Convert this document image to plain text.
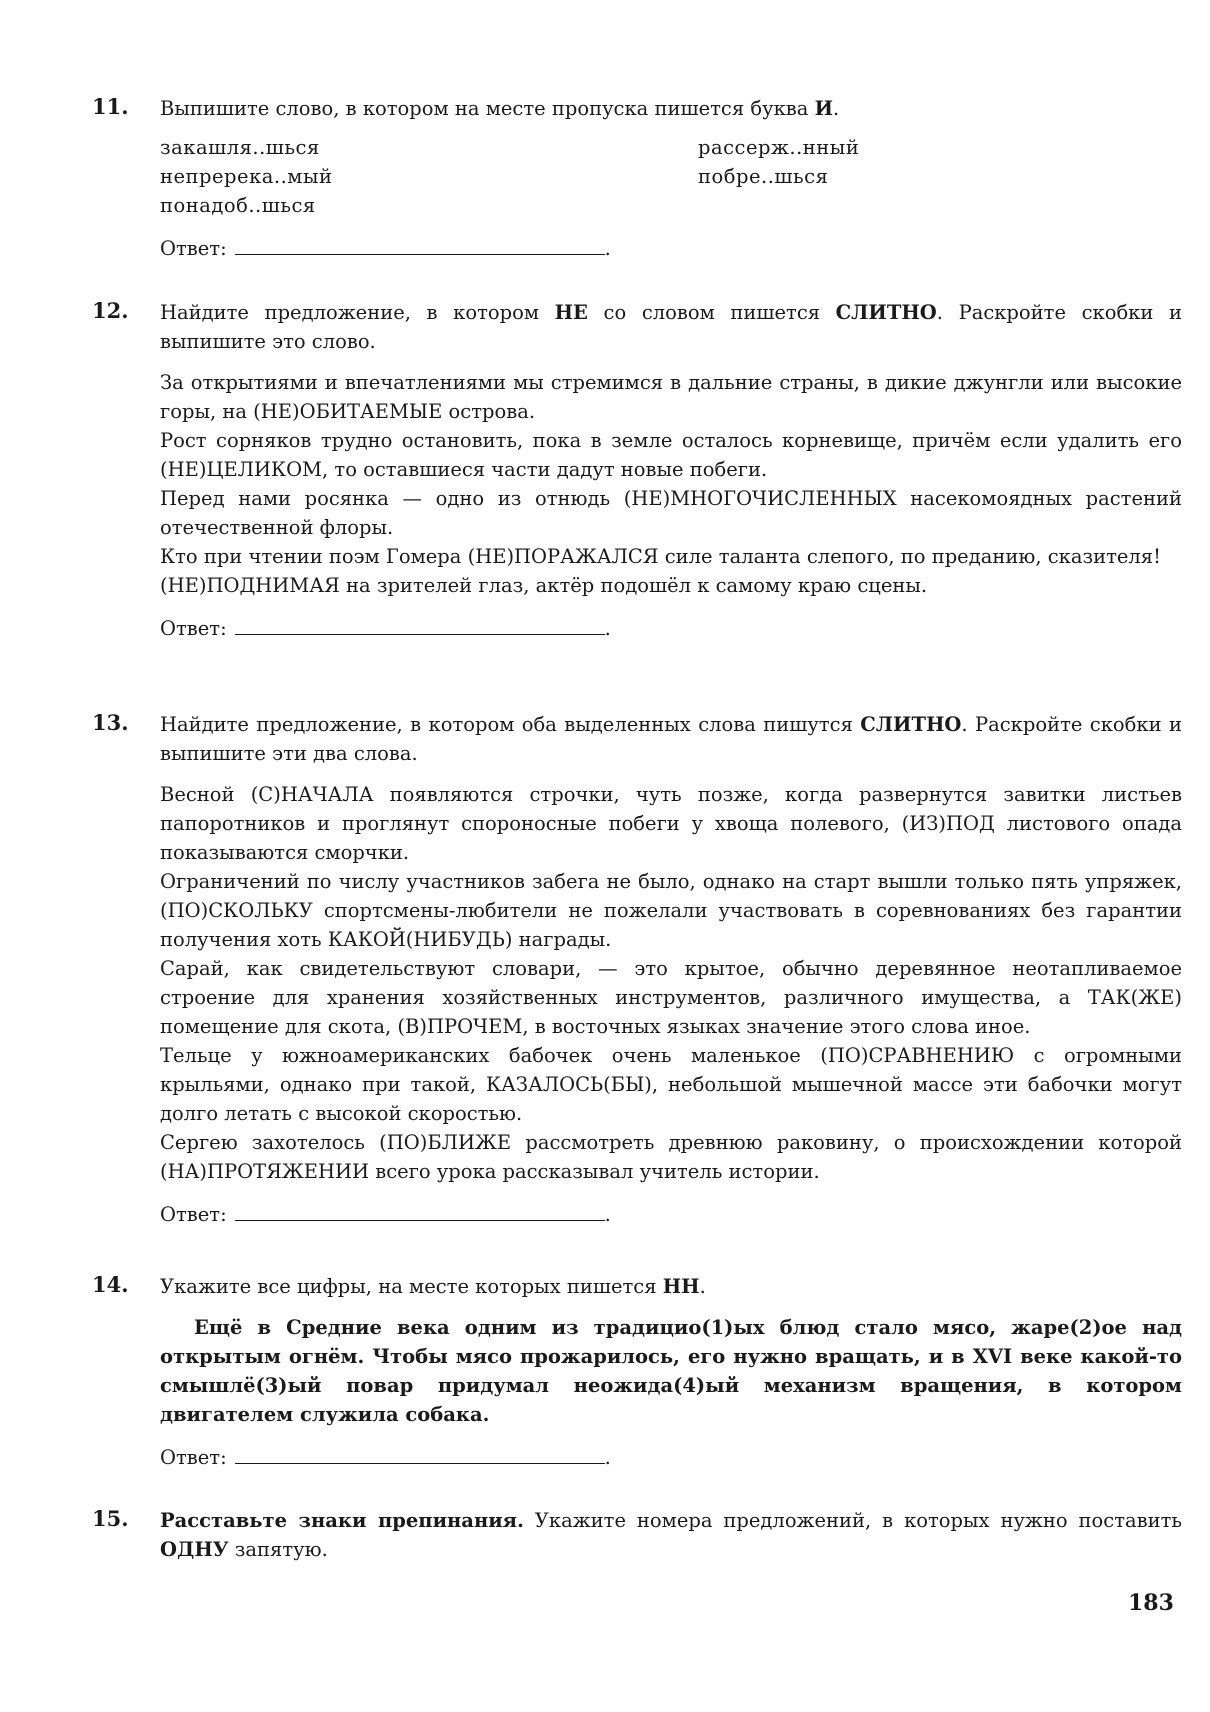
11.	Выпишите слово, в котором на месте пропуска пишется буква И.
закашля..шься
непререка..мый
понадоб..шься
рассерж..нный
побре..шься
Ответ:	.
12.	Найдите предложение, в котором НЕ со словом пишется СЛИТНО. Раскройте скобки и выпишите это слово.

За открытиями и впечатлениями мы стремимся в дальние страны, в дикие джунгли или высокие горы, на (НЕ)ОБИТАЕМЫЕ острова.

Рост сорняков трудно остановить, пока в земле осталось корневище, причём если удалить его (НЕ)ЦЕЛИКОМ, то оставшиеся части дадут новые побеги.

Перед нами росянка — одно из отнюдь (НЕ)МНОГОЧИСЛЕННЫХ насекомоядных растений отечественной флоры.

Кто при чтении поэм Гомера (НЕ)ПОРАЖАЛСЯ силе таланта слепого, по преданию, сказителя!

(НЕ)ПОДНИМАЯ на зрителей глаз, актёр подошёл к самому краю сцены.

Ответ:	.
13.	Найдите предложение, в котором оба выделенных слова пишутся СЛИТНО. Раскройте скобки и выпишите эти два слова.

Весной (С)НАЧАЛА появляются строчки, чуть позже, когда развернутся завитки листьев папоротников и проглянут спороносные побеги у хвоща полевого, (ИЗ)ПОД листового опада показываются сморчки.

Ограничений по числу участников забега не было, однако на старт вышли только пять упряжек, (ПО)СКОЛЬКУ спортсмены-любители не пожелали участвовать в соревнованиях без гарантии получения хоть КАКОЙ(НИБУДЬ) награды.

Сарай, как свидетельствуют словари, — это крытое, обычно деревянное неотапливаемое строение для хранения хозяйственных инструментов, различного имущества, а ТАК(ЖЕ) помещение для скота, (В)ПРОЧЕМ, в восточных языках значение этого слова иное.

Тельце у южноамериканских бабочек очень маленькое (ПО)СРАВНЕНИЮ с огромными крыльями, однако при такой, КАЗАЛОСЬ(БЫ), небольшой мышечной массе эти бабочки могут долго летать с высокой скоростью.

Сергею захотелось (ПО)БЛИЖЕ рассмотреть древнюю раковину, о происхождении которой (НА)ПРОТЯЖЕНИИ всего урока рассказывал учитель истории.

Ответ:	.
14.	Укажите все цифры, на месте которых пишется НН.

Ещё в Средние века одним из традицио(1)ых блюд стало мясо, жаре(2)ое над открытым огнём. Чтобы мясо прожарилось, его нужно вращать, и в XVI веке какой-то смышлё(3)ый повар придумал неожида(4)ый механизм вращения, в котором двигателем служила собака.

Ответ:	.
15.	Расставьте знаки препинания. Укажите номера предложений, в которых нужно поставить ОДНУ запятую.
183
